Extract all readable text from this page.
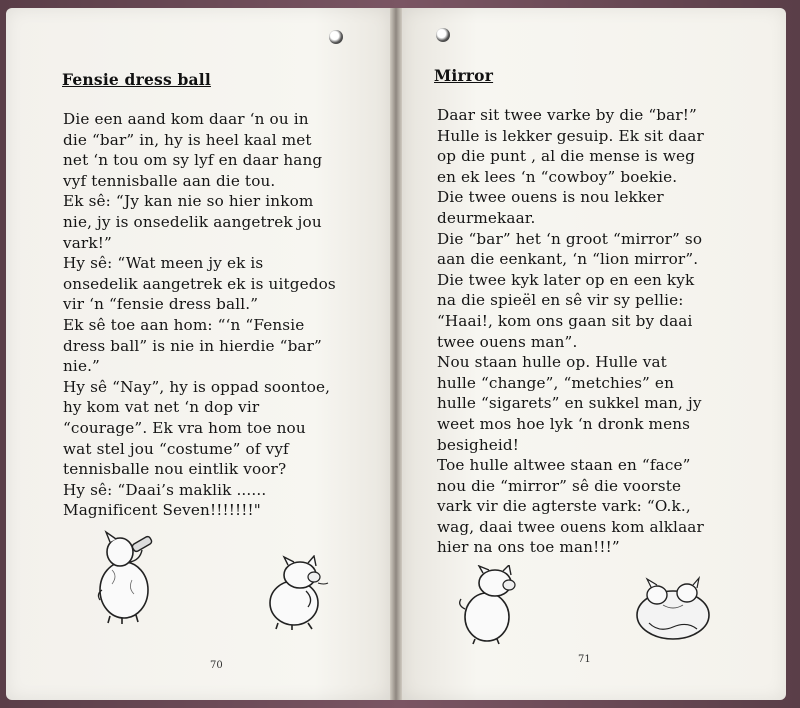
Fensie dress ball
Die een aand kom daar ‘n ou in
die “bar” in, hy is heel kaal met
net ‘n tou om sy lyf en daar hang
vyf tennisballe aan die tou.
Ek sê: “Jy kan nie so hier inkom
nie, jy is onsedelik aangetrek jou
vark!”
Hy sê: “Wat meen jy ek is
onsedelik aangetrek ek is uitgedos
vir ‘n “fensie dress ball.”
Ek sê toe aan hom: “‘n “Fensie
dress ball” is nie in hierdie “bar”
nie.”
Hy sê “Nay”, hy is oppad soontoe,
hy kom vat net ‘n dop vir
“courage”. Ek vra hom toe nou
wat stel jou “costume” of vyf
tennisballe nou eintlik voor?
Hy sê: “Daai’s maklik ......
Magnificent Seven!!!!!!!"
70
Mirror
Daar sit twee varke by die “bar!”
Hulle is lekker gesuip. Ek sit daar
op die punt , al die mense is weg
en ek lees ‘n “cowboy” boekie.
Die twee ouens is nou lekker
deurmekaar.
Die “bar” het ‘n groot “mirror” so
aan die eenkant, ‘n “lion mirror”.
Die twee kyk later op en een kyk
na die spieël en sê vir sy pellie:
“Haai!, kom ons gaan sit by daai
twee ouens man”.
Nou staan hulle op. Hulle vat
hulle “change”, “metchies” en
hulle “sigarets” en sukkel man, jy
weet mos hoe lyk ‘n dronk mens
besigheid!
Toe hulle altwee staan en “face”
nou die “mirror” sê die voorste
vark vir die agterste vark: “O.k.,
wag, daai twee ouens kom alklaar
hier na ons toe man!!!”
71
